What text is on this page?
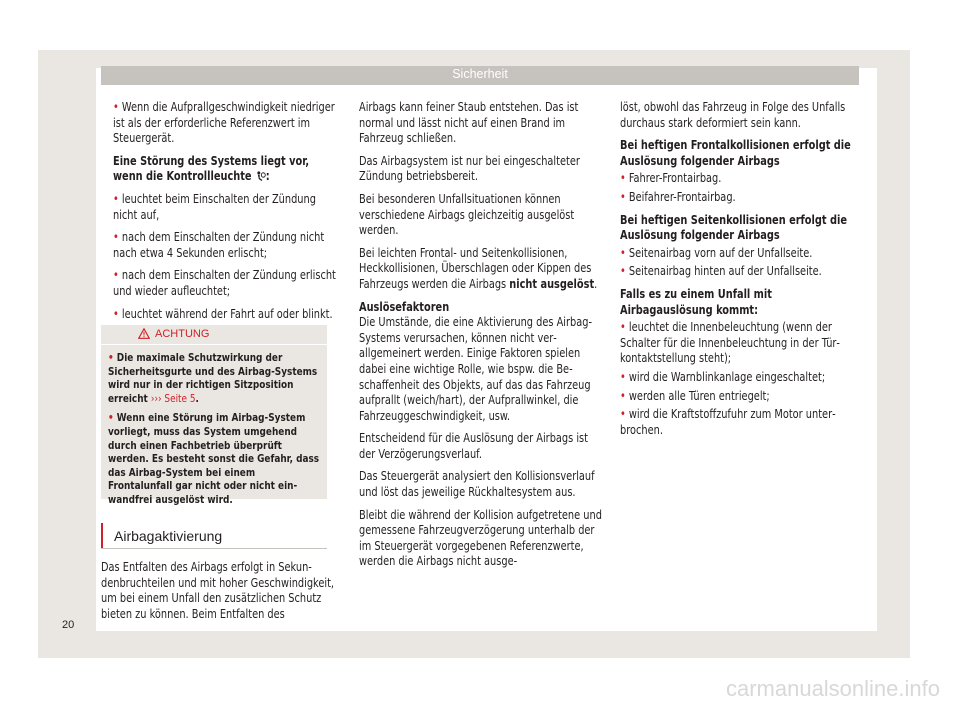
Sicherheit

• Wenn die Aufprallgeschwindigkeit niedriger ist als der erforderliche Referenzwert im Steuergerät.

Eine Störung des Systems liegt vor, wenn die Kontrollleuchte :

• leuchtet beim Einschalten der Zündung nicht auf,

• nach dem Einschalten der Zündung nicht nach etwa 4 Sekunden erlischt;

• nach dem Einschalten der Zündung erlischt und wieder aufleuchtet;

• leuchtet während der Fahrt auf oder blinkt.

ACHTUNG

• Die maximale Schutzwirkung der Sicherheitsgurte und des Airbag-Systems wird nur in der richtigen Sitzposition erreicht ››› Seite 5.

• Wenn eine Störung im Airbag-System vorliegt, muss das System umgehend durch einen Fachbetrieb überprüft werden. Es besteht sonst die Gefahr, dass das Airbag-System bei einem Frontalunfall gar nicht oder nicht einwandfrei ausgelöst wird.

Airbagaktivierung

Das Entfalten des Airbags erfolgt in Sekundenbruchteilen und mit hoher Geschwindigkeit, um bei einem Unfall den zusätzlichen Schutz bieten zu können. Beim Entfalten des

Airbags kann feiner Staub entstehen. Das ist normal und lässt nicht auf einen Brand im Fahrzeug schließen.

Das Airbagsystem ist nur bei eingeschalteter Zündung betriebsbereit.

Bei besonderen Unfallsituationen können verschiedene Airbags gleichzeitig ausgelöst werden.

Bei leichten Frontal- und Seitenkollisionen, Heckkollisionen, Überschlagen oder Kippen des Fahrzeugs werden die Airbags nicht ausgelöst.

Auslösefaktoren

Die Umstände, die eine Aktivierung des Airbag-Systems verursachen, können nicht verallgemeinert werden. Einige Faktoren spielen dabei eine wichtige Rolle, wie bspw. die Beschaffenheit des Objekts, auf das das Fahrzeug aufprallt (weich/hart), der Aufprallwinkel, die Fahrzeuggeschwindigkeit, usw.

Entscheidend für die Auslösung der Airbags ist der Verzögerungsverlauf.

Das Steuergerät analysiert den Kollisionsverlauf und löst das jeweilige Rückhaltesystem aus.

Bleibt die während der Kollision aufgetretene und gemessene Fahrzeugverzögerung unterhalb der im Steuergerät vorgegebenen Referenzwerte, werden die Airbags nicht ausge-

löst, obwohl das Fahrzeug in Folge des Unfalls durchaus stark deformiert sein kann.

Bei heftigen Frontalkollisionen erfolgt die Auslösung folgender Airbags

• Fahrer-Frontairbag.

• Beifahrer-Frontairbag.

Bei heftigen Seitenkollisionen erfolgt die Auslösung folgender Airbags

• Seitenairbag vorn auf der Unfallseite.

• Seitenairbag hinten auf der Unfallseite.

Falls es zu einem Unfall mit Airbagauslösung kommt:

• leuchtet die Innenbeleuchtung (wenn der Schalter für die Innenbeleuchtung in der Türkontaktstellung steht);

• wird die Warnblinkanlage eingeschaltet;

• werden alle Türen entriegelt;

• wird die Kraftstoffzufuhr zum Motor unterbrochen.

20
carmanualsonline.info
